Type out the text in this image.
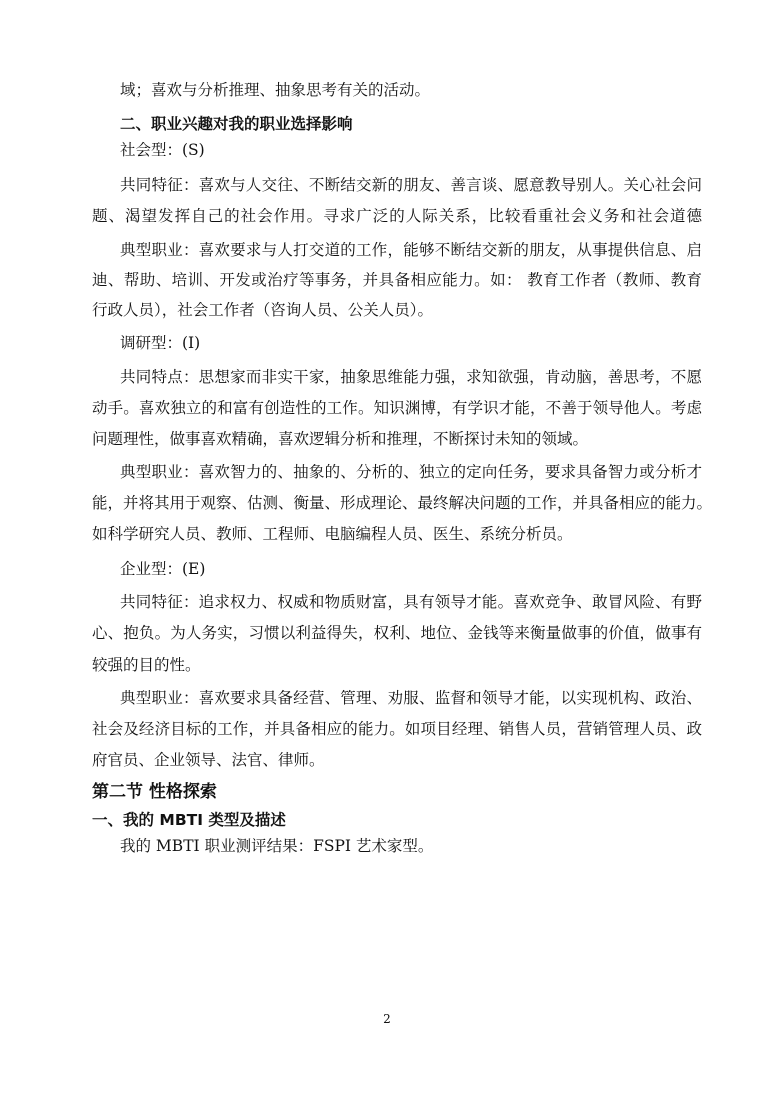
域；喜欢与分析推理、抽象思考有关的活动。
二、职业兴趣对我的职业选择影响
社会型：(S)
共同特征：喜欢与人交往、不断结交新的朋友、善言谈、愿意教导别人。关心社会问
题、渴望发挥自己的社会作用。寻求广泛的人际关系，比较看重社会义务和社会道德
典型职业：喜欢要求与人打交道的工作，能够不断结交新的朋友，从事提供信息、启
迪、帮助、培训、开发或治疗等事务，并具备相应能力。如： 教育工作者（教师、教育
行政人员），社会工作者（咨询人员、公关人员）。
调研型：(I)
共同特点：思想家而非实干家，抽象思维能力强，求知欲强，肯动脑，善思考，不愿
动手。喜欢独立的和富有创造性的工作。知识渊博，有学识才能，不善于领导他人。考虑
问题理性，做事喜欢精确，喜欢逻辑分析和推理，不断探讨未知的领域。
典型职业：喜欢智力的、抽象的、分析的、独立的定向任务，要求具备智力或分析才
能，并将其用于观察、估测、衡量、形成理论、最终解决问题的工作，并具备相应的能力。
如科学研究人员、教师、工程师、电脑编程人员、医生、系统分析员。
企业型：(E)
共同特征：追求权力、权威和物质财富，具有领导才能。喜欢竞争、敢冒风险、有野
心、抱负。为人务实，习惯以利益得失，权利、地位、金钱等来衡量做事的价值，做事有
较强的目的性。
典型职业：喜欢要求具备经营、管理、劝服、监督和领导才能，以实现机构、政治、
社会及经济目标的工作，并具备相应的能力。如项目经理、销售人员，营销管理人员、政
府官员、企业领导、法官、律师。
第二节 性格探索
一、我的 MBTI 类型及描述
我的 MBTI 职业测评结果：FSPI 艺术家型。
2
